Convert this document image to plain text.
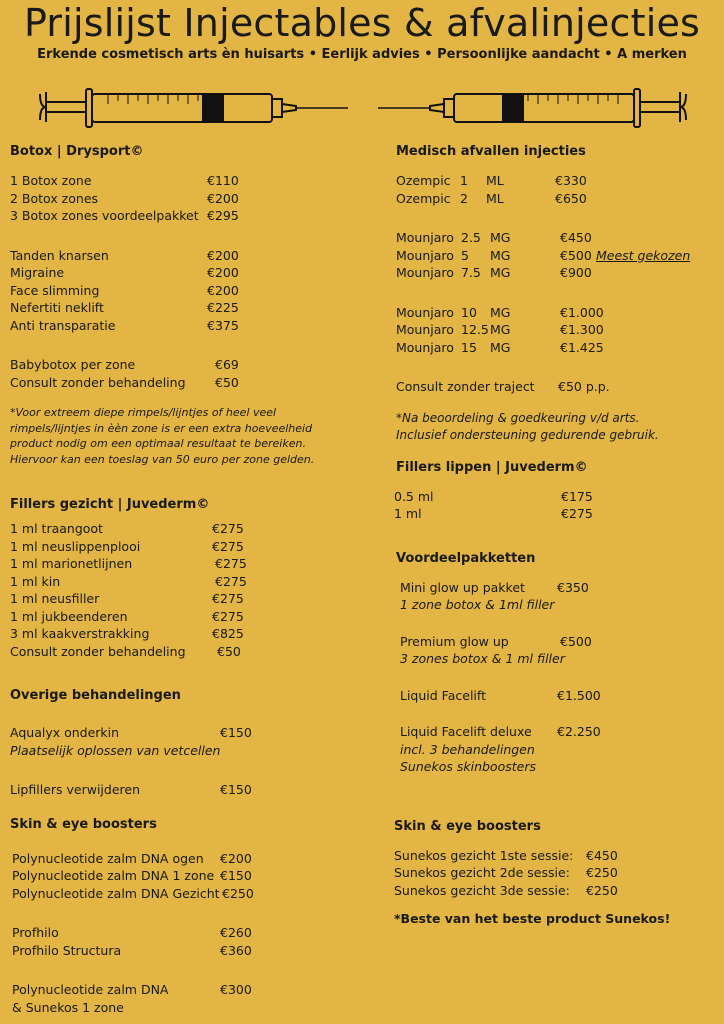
Prijslijst Injectables & afvalinjecties
Erkende cosmetisch arts èn huisarts • Eerlijk advies • Persoonlijke aandacht • A merken
Botox | Drysport©
1 Botox zone	€110
2 Botox zones	€200
3 Botox zones voordeelpakket €295
Tanden knarsen	€200
Migraine	€200
Face slimming	€200
Nefertiti neklift	€225
Anti transparatie	€375
Babybotox per zone	€69
Consult zonder behandeling €50
*Voor extreem diepe rimpels/lijntjes of heel veel
rimpels/lijntjes in èèn zone is er een extra hoeveelheid
product nodig om een optimaal resultaat te bereiken.
Hiervoor kan een toeslag van 50 euro per zone gelden.
Fillers gezicht | Juvederm©
1 ml traangoot	€275
1 ml neuslippenplooi	€275
1 ml marionetlijnen	€275
1 ml kin	€275
1 ml neusfiller	€275
1 ml jukbeenderen	€275
3 ml kaakverstrakking	€825
Consult zonder behandeling	€50
Overige behandelingen
Aqualyx onderkin	€150
Plaatselijk oplossen van vetcellen
Lipfillers verwijderen	€150
Skin & eye boosters
Polynucleotide zalm DNA ogen €200
Polynucleotide zalm DNA 1 zone €150
Polynucleotide zalm DNA Gezicht €250
Profhilo	€260
Profhilo Structura	€360
Polynucleotide zalm DNA	€300
& Sunekos 1 zone
Medisch afvallen injecties
Ozempic 1 ML	€330
Ozempic 2 ML	€650
Mounjaro 2.5 MG	€450
Mounjaro 5 MG	€500 Meest gekozen
Mounjaro 7.5 MG	€900
Mounjaro 10 MG	€1.000
Mounjaro 12.5 MG	€1.300
Mounjaro 15 MG	€1.425
Consult zonder traject €50 p.p.
*Na beoordeling & goedkeuring v/d arts.
Inclusief ondersteuning gedurende gebruik.
Fillers lippen | Juvederm©
0.5 ml	€175
1 ml	€275
Voordeelpakketten
Mini glow up pakket	€350
1 zone botox & 1ml filler
Premium glow up	€500
3 zones botox & 1 ml filler
Liquid Facelift	€1.500
Liquid Facelift deluxe €2.250
incl. 3 behandelingen
Sunekos skinboosters
Skin & eye boosters
Sunekos gezicht 1ste sessie: €450
Sunekos gezicht 2de sessie: €250
Sunekos gezicht 3de sessie: €250
*Beste van het beste product Sunekos!
